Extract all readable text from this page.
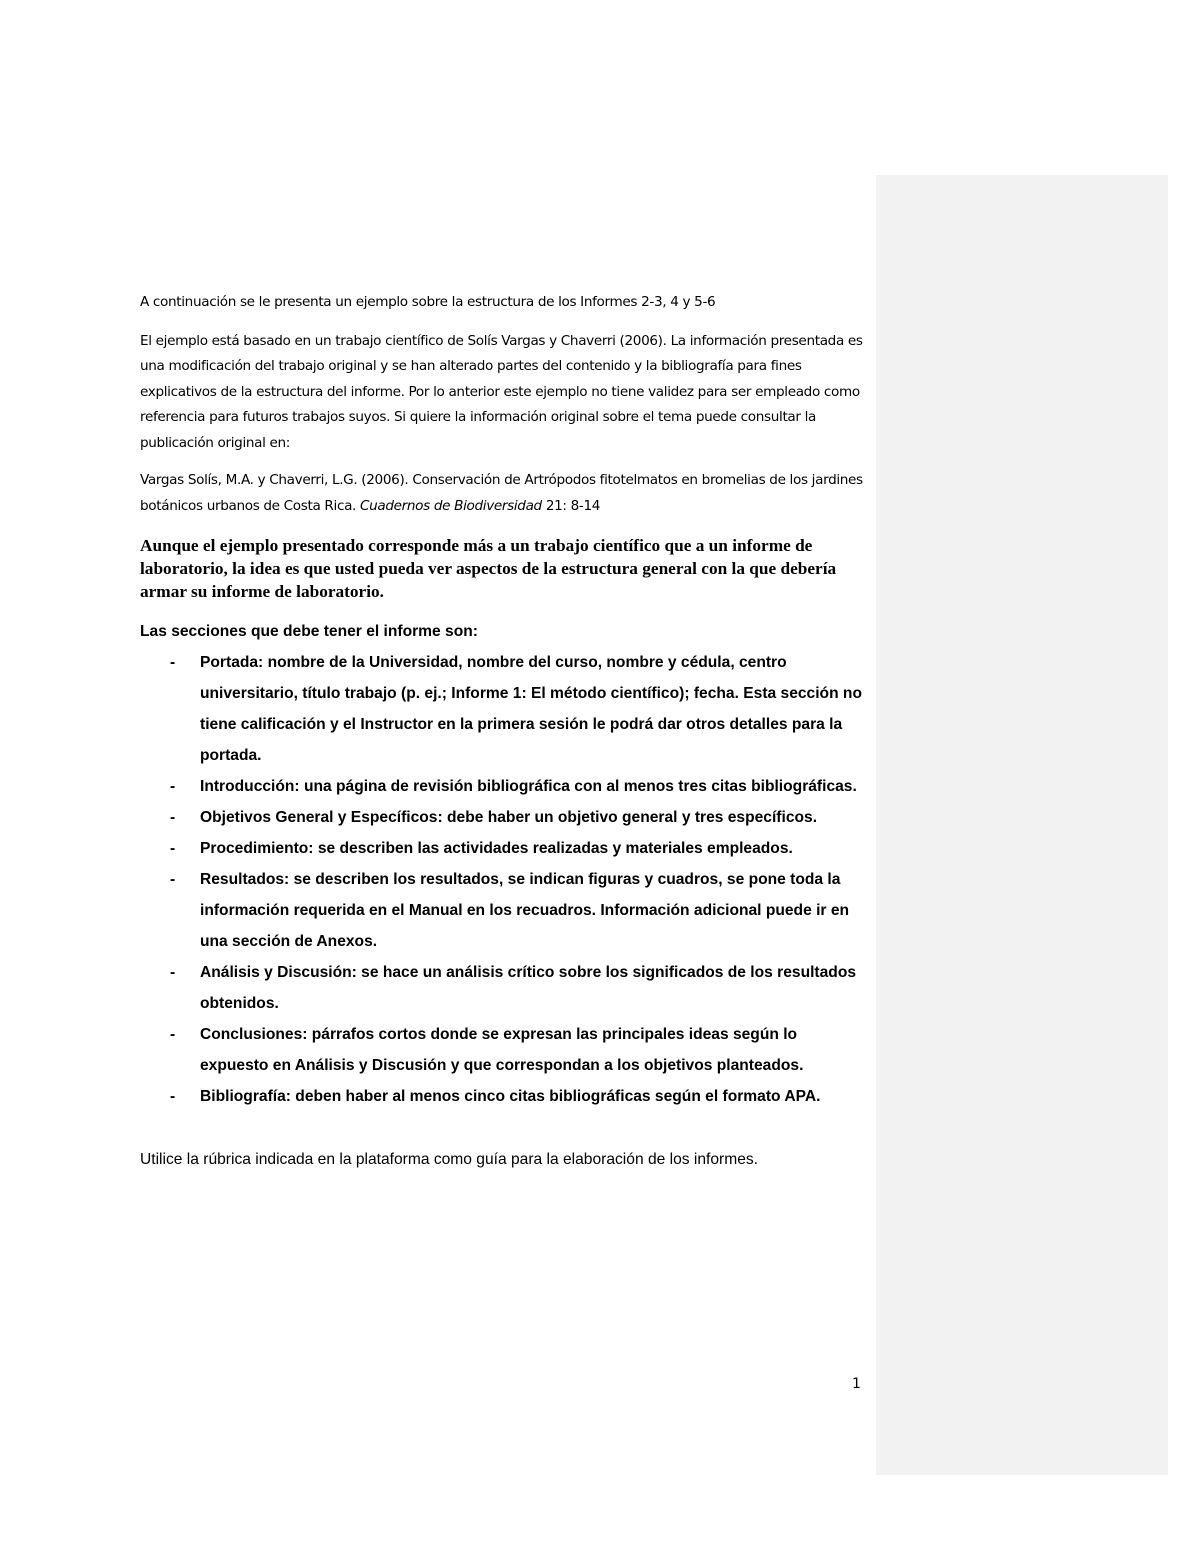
A continuación se le presenta un ejemplo sobre la estructura de los Informes 2-3, 4 y 5-6

El ejemplo está basado en un trabajo científico de Solís Vargas y Chaverri (2006). La información presentada es una modificación del trabajo original y se han alterado partes del contenido y la bibliografía para fines explicativos de la estructura del informe. Por lo anterior este ejemplo no tiene validez para ser empleado como referencia para futuros trabajos suyos. Si quiere la información original sobre el tema puede consultar la publicación original en:

Vargas Solís, M.A. y Chaverri, L.G. (2006). Conservación de Artrópodos fitotelmatos en bromelias de los jardines botánicos urbanos de Costa Rica. Cuadernos de Biodiversidad 21: 8-14

Aunque el ejemplo presentado corresponde más a un trabajo científico que a un informe de laboratorio, la idea es que usted pueda ver aspectos de la estructura general con la que debería armar su informe de laboratorio.

Las secciones que debe tener el informe son:

- Portada: nombre de la Universidad, nombre del curso, nombre y cédula, centro universitario, título trabajo (p. ej.; Informe 1: El método científico); fecha. Esta sección no tiene calificación y el Instructor en la primera sesión le podrá dar otros detalles para la portada.
- Introducción: una página de revisión bibliográfica con al menos tres citas bibliográficas.
- Objetivos General y Específicos: debe haber un objetivo general y tres específicos.
- Procedimiento: se describen las actividades realizadas y materiales empleados.
- Resultados: se describen los resultados, se indican figuras y cuadros, se pone toda la información requerida en el Manual en los recuadros. Información adicional puede ir en una sección de Anexos.
- Análisis y Discusión: se hace un análisis crítico sobre los significados de los resultados obtenidos.
- Conclusiones: párrafos cortos donde se expresan las principales ideas según lo expuesto en Análisis y Discusión y que correspondan a los objetivos planteados.
- Bibliografía: deben haber al menos cinco citas bibliográficas según el formato APA.

Utilice la rúbrica indicada en la plataforma como guía para la elaboración de los informes.

1
